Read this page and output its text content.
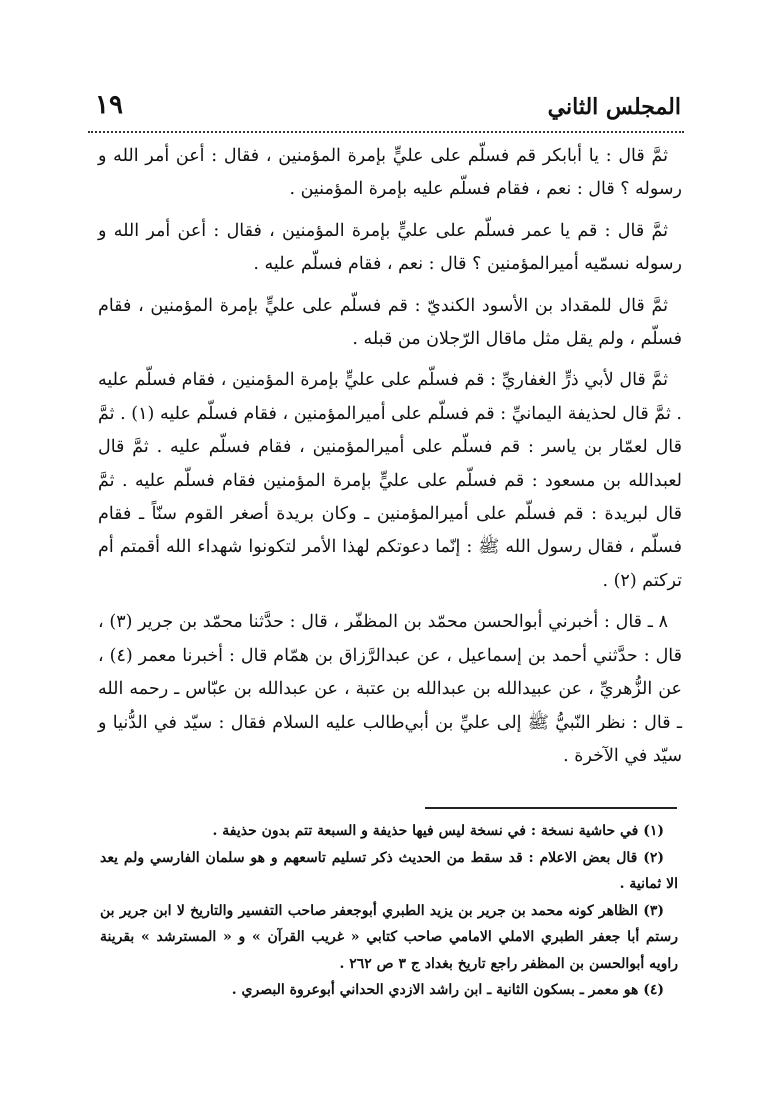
المجلس الثاني
١٩

ثمَّ قال : يا أبابكر قم فسلّم على عليٍّ بإمرة المؤمنين ، فقال : أعن أمر الله و رسوله ؟ قال : نعم ، فقام فسلّم عليه بإمرة المؤمنين .

ثمَّ قال : قم يا عمر فسلّم على عليٍّ بإمرة المؤمنين ، فقال : أعن أمر الله و رسوله نسمّيه أميرالمؤمنين ؟ قال : نعم ، فقام فسلّم عليه .

ثمَّ قال للمقداد بن الأسود الكنديّ : قم فسلّم على عليٍّ بإمرة المؤمنين ، فقام فسلّم ، ولم يقل مثل ماقال الرّجلان من قبله .

ثمَّ قال لأبي ذرٍّ الغفاريِّ : قم فسلّم على عليٍّ بإمرة المؤمنين ، فقام فسلّم عليه . ثمَّ قال لحذيفة اليمانيِّ : قم فسلّم على أميرالمؤمنين ، فقام فسلّم عليه (١) . ثمَّ قال لعمّار بن ياسر : قم فسلّم على أميرالمؤمنين ، فقام فسلّم عليه . ثمَّ قال لعبدالله بن مسعود : قم فسلّم على عليٍّ بإمرة المؤمنين فقام فسلّم عليه . ثمَّ قال لبريدة : قم فسلّم على أميرالمؤمنين ـ وكان بريدة أصغر القوم سنّاً ـ فقام فسلّم ، فقال رسول الله ﷺ : إنّما دعوتكم لهذا الأمر لتكونوا شهداء الله أقمتم أم تركتم (٢) .

٨ ـ قال : أخبرني أبوالحسن محمّد بن المظفّر ، قال : حدَّثنا محمّد بن جرير (٣) ، قال : حدَّثني أحمد بن إسماعيل ، عن عبدالرَّزاق بن همّام قال : أخبرنا معمر (٤) ، عن الزُّهريِّ ، عن عبيدالله بن عبدالله بن عتبة ، عن عبدالله بن عبّاس ـ رحمه الله ـ قال : نظر النّبيُّ ﷺ إلى عليِّ بن أبي‌طالب عليه السلام فقال : سيّد في الدُّنيا و سيّد في الآخرة .

(١) في حاشية نسخة : في نسخة ليس فيها حذيفة و السبعة تتم بدون حذيفة .

(٢) قال بعض الاعلام : قد سقط من الحديث ذكر تسليم تاسعهم و هو سلمان الفارسي ولم يعد الا ثمانية .

(٣) الظاهر كونه محمد بن جرير بن يزيد الطبري أبوجعفر صاحب التفسير والتاريخ لا ابن جرير بن رستم أبا جعفر الطبري الاملي الامامي صاحب كتابي « غريب القرآن » و « المسترشد » بقرينة راويه أبوالحسن بن المظفر راجع تاريخ بغداد ج ٣ ص ٢٦٢ .

(٤) هو معمر ـ بسكون الثانية ـ ابن راشد الازدي الحداني أبوعروة البصري .
